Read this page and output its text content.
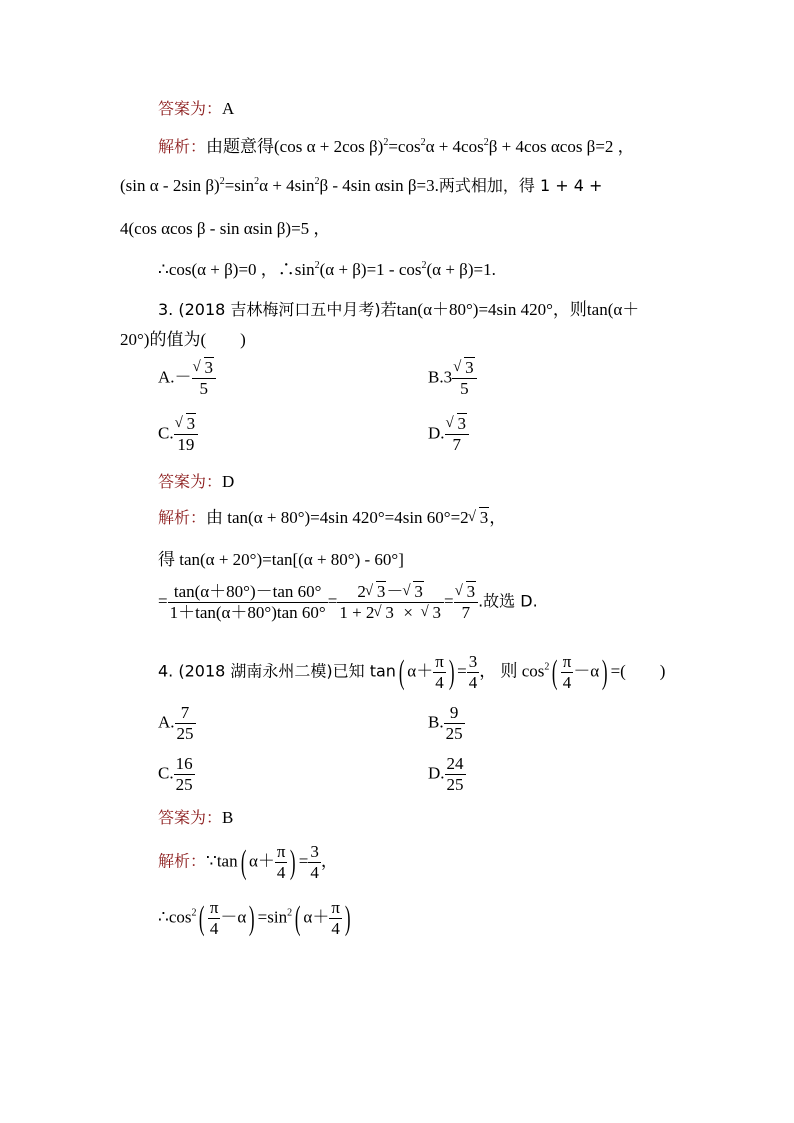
答案为：A
解析：由题意得(cos α + 2cos $\beta)^2=\cos^2\alpha + 4\cos^2\beta + 4\cos$ αcos β=2 ，
(sin α ‑ 2sin $\beta)^2=\sin^2\alpha + 4\sin^2\beta$ ‑ 4sin αsin β=3.两式相加，得 1 + 4 +
4(cos αcos β ‑ sin αsin β)=5 ，
∴cos(α + β)=0 ，$\therefore\sin^2(\alpha + \beta)=1$ ‑ $\cos^2(\alpha + \beta)=1$.
3. (2018 吉林梅河口五中月考)若tan(α＋80°)=4sin 420°，则tan(α＋
20°)的值为(　　)
A.－ √ $\frac{3}{5}$	B.3 √ $\frac{3}{5}$
C. √ $\frac{3}{19}$	D. √ $\frac{3}{7}$
答案为：D
解析：由 tan(α + 80°)=4sin 420°=4sin 60°=2 √ 3，
得 tan(α + 20°)=tan[(α + 80°) ‑ 60°]
= $\frac{\tan(\alpha+80^\circ)-\tan 60^\circ}{1+\tan(\alpha+80^\circ)\tan 60^\circ} = \frac{2 √ 3- √ 3}{1 + 2 √ 3 \times √ 3}$ = √ $\frac{3}{7}$ .故选 D.
4. (2018 湖南永州二模)已知 tan( $\alpha+ \frac{\pi}{4}$ ) = $\frac{3}{4}$ ， 则 $\cos^2( \frac{\pi}{4} -\alpha)$ =(　　)
A. $\frac{7}{25}$	B. $\frac{9}{25}$
C. $\frac{16}{25}$	D. $\frac{24}{25}$
答案为：B
解析：∵tan( $\alpha+ \frac{\pi}{4}$ ) = $\frac{3}{4}$ ，
$\therefore\cos^2( \frac{\pi}{4} -\alpha) =\sin^2$( $\alpha+ \frac{\pi}{4}$ )
